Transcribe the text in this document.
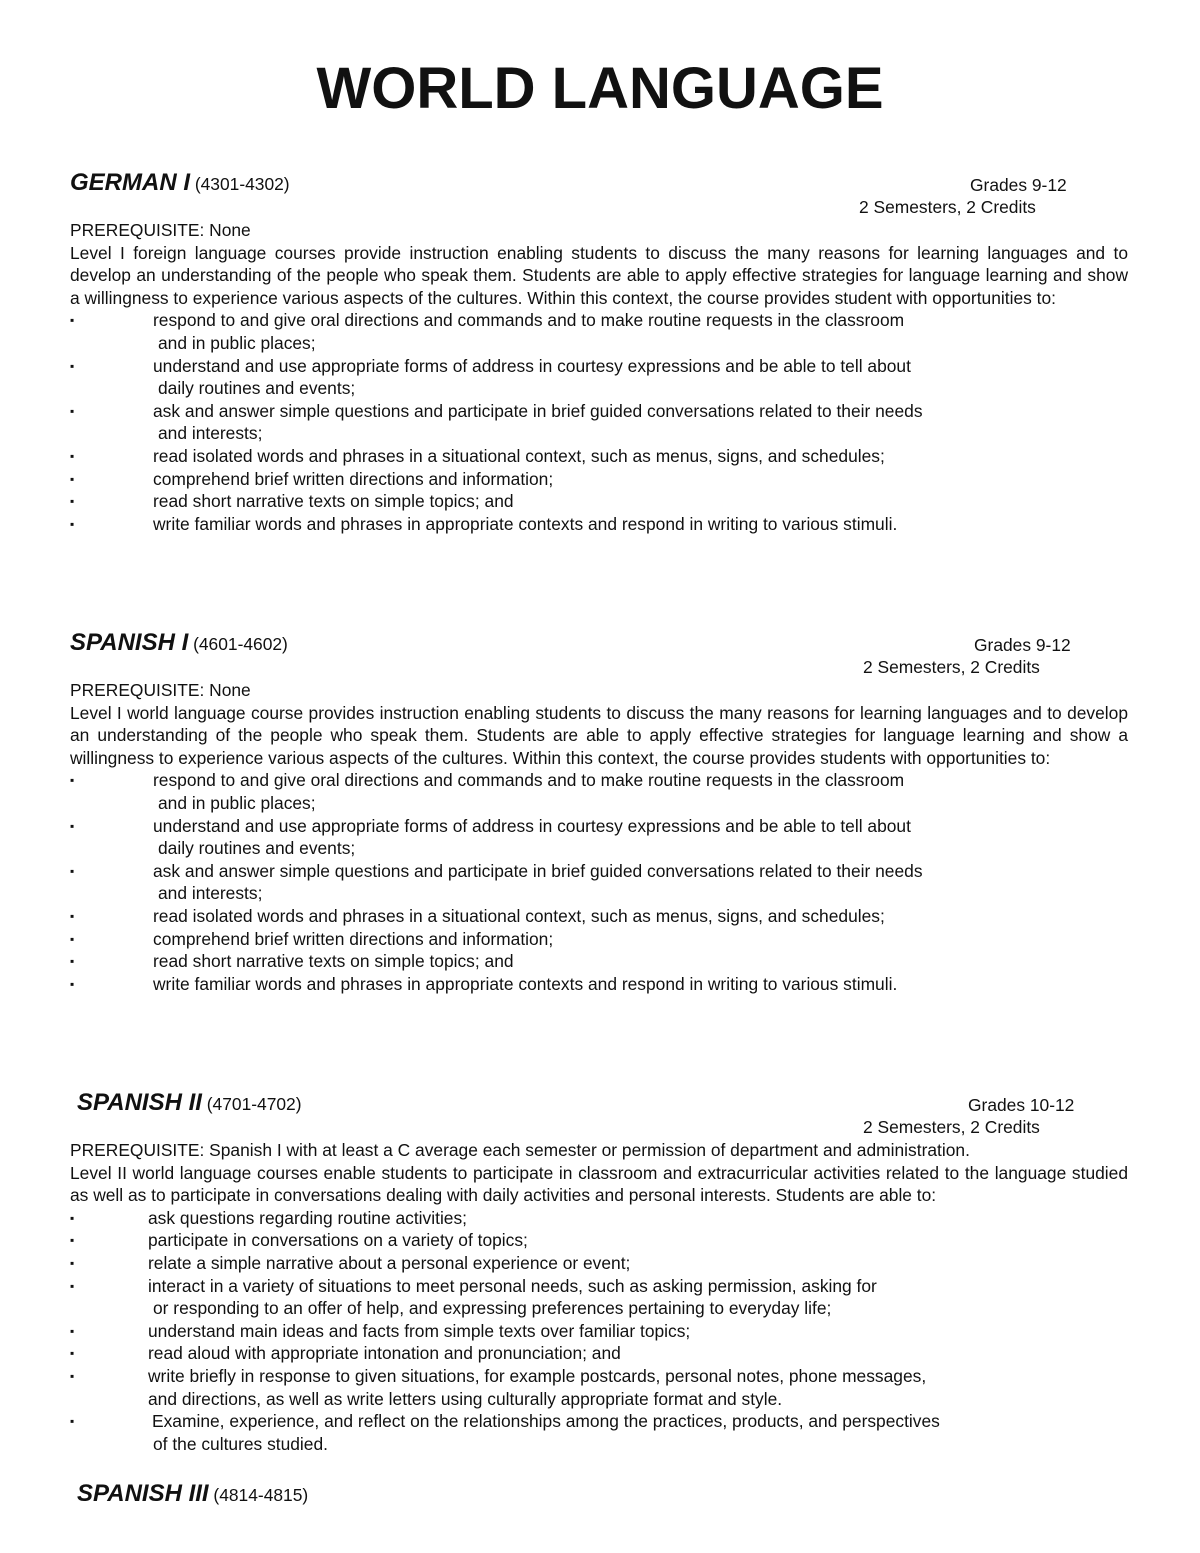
WORLD LANGUAGE
GERMAN I (4301-4302)	Grades 9-12
2 Semesters, 2 Credits
PREREQUISITE: None
Level I foreign language courses provide instruction enabling students to discuss the many reasons for learning languages and to develop an understanding of the people who speak them. Students are able to apply effective strategies for language learning and show a willingness to experience various aspects of the cultures. Within this context, the course provides student with opportunities to:
▪	respond to and give oral directions and commands and to make routine requests in the classroom
and in public places;
▪	understand and use appropriate forms of address in courtesy expressions and be able to tell about
daily routines and events;
▪	ask and answer simple questions and participate in brief guided conversations related to their needs
and interests;
▪	read isolated words and phrases in a situational context, such as menus, signs, and schedules;
▪	comprehend brief written directions and information;
▪	read short narrative texts on simple topics; and
▪	write familiar words and phrases in appropriate contexts and respond in writing to various stimuli.
SPANISH I (4601-4602)	Grades 9-12
2 Semesters, 2 Credits
PREREQUISITE: None
Level I world language course provides instruction enabling students to discuss the many reasons for learning languages and to develop an understanding of the people who speak them. Students are able to apply effective strategies for language learning and show a willingness to experience various aspects of the cultures. Within this context, the course provides students with opportunities to:
▪	respond to and give oral directions and commands and to make routine requests in the classroom
and in public places;
▪	understand and use appropriate forms of address in courtesy expressions and be able to tell about
daily routines and events;
▪	ask and answer simple questions and participate in brief guided conversations related to their needs
and interests;
▪	read isolated words and phrases in a situational context, such as menus, signs, and schedules;
▪	comprehend brief written directions and information;
▪	read short narrative texts on simple topics; and
▪	write familiar words and phrases in appropriate contexts and respond in writing to various stimuli.
SPANISH II (4701-4702)	Grades 10-12
2 Semesters, 2 Credits
PREREQUISITE: Spanish I with at least a C average each semester or permission of department and administration.
Level II world language courses enable students to participate in classroom and extracurricular activities related to the language studied as well as to participate in conversations dealing with daily activities and personal interests. Students are able to:
▪	ask questions regarding routine activities;
▪	participate in conversations on a variety of topics;
▪	relate a simple narrative about a personal experience or event;
▪	interact in a variety of situations to meet personal needs, such as asking permission, asking for
or responding to an offer of help, and expressing preferences pertaining to everyday life;
▪	understand main ideas and facts from simple texts over familiar topics;
▪	read aloud with appropriate intonation and pronunciation; and
▪	write briefly in response to given situations, for example postcards, personal notes, phone messages,
and directions, as well as write letters using culturally appropriate format and style.
▪	Examine, experience, and reflect on the relationships among the practices, products, and perspectives
of the cultures studied.
SPANISH III (4814-4815)
